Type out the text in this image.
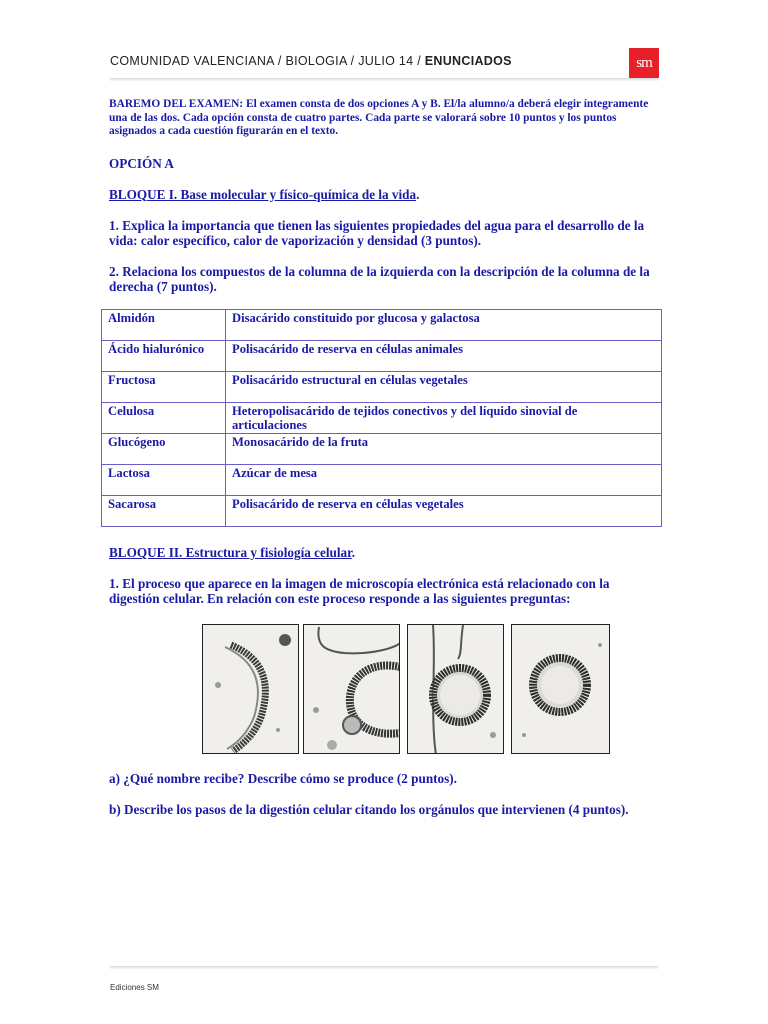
COMUNIDAD VALENCIANA / BIOLOGIA / JULIO 14 / ENUNCIADOS	sm

BAREMO DEL EXAMEN: El examen consta de dos opciones A y B. El/la alumno/a deberá elegir íntegramente una de las dos. Cada opción consta de cuatro partes. Cada parte se valorará sobre 10 puntos y los puntos asignados a cada cuestión figurarán en el texto.

OPCIÓN A

BLOQUE I. Base molecular y físico-química de la vida.

1. Explica la importancia que tienen las siguientes propiedades del agua para el desarrollo de la vida: calor específico, calor de vaporización y densidad (3 puntos).

2. Relaciona los compuestos de la columna de la izquierda con la descripción de la columna de la derecha (7 puntos).

Almidón	Disacárido constituido por glucosa y galactosa
Ácido hialurónico	Polisacárido de reserva en células animales
Fructosa	Polisacárido estructural en células vegetales
Celulosa	Heteropolisacárido de tejidos conectivos y del líquido sinovial de articulaciones
Glucógeno	Monosacárido de la fruta
Lactosa	Azúcar de mesa
Sacarosa	Polisacárido de reserva en células vegetales

BLOQUE II. Estructura y fisiología celular.

1. El proceso que aparece en la imagen de microscopía electrónica está relacionado con la digestión celular. En relación con este proceso responde a las siguientes preguntas:

a) ¿Qué nombre recibe? Describe cómo se produce (2 puntos).

b) Describe los pasos de la digestión celular citando los orgánulos que intervienen (4 puntos).

Ediciones SM
